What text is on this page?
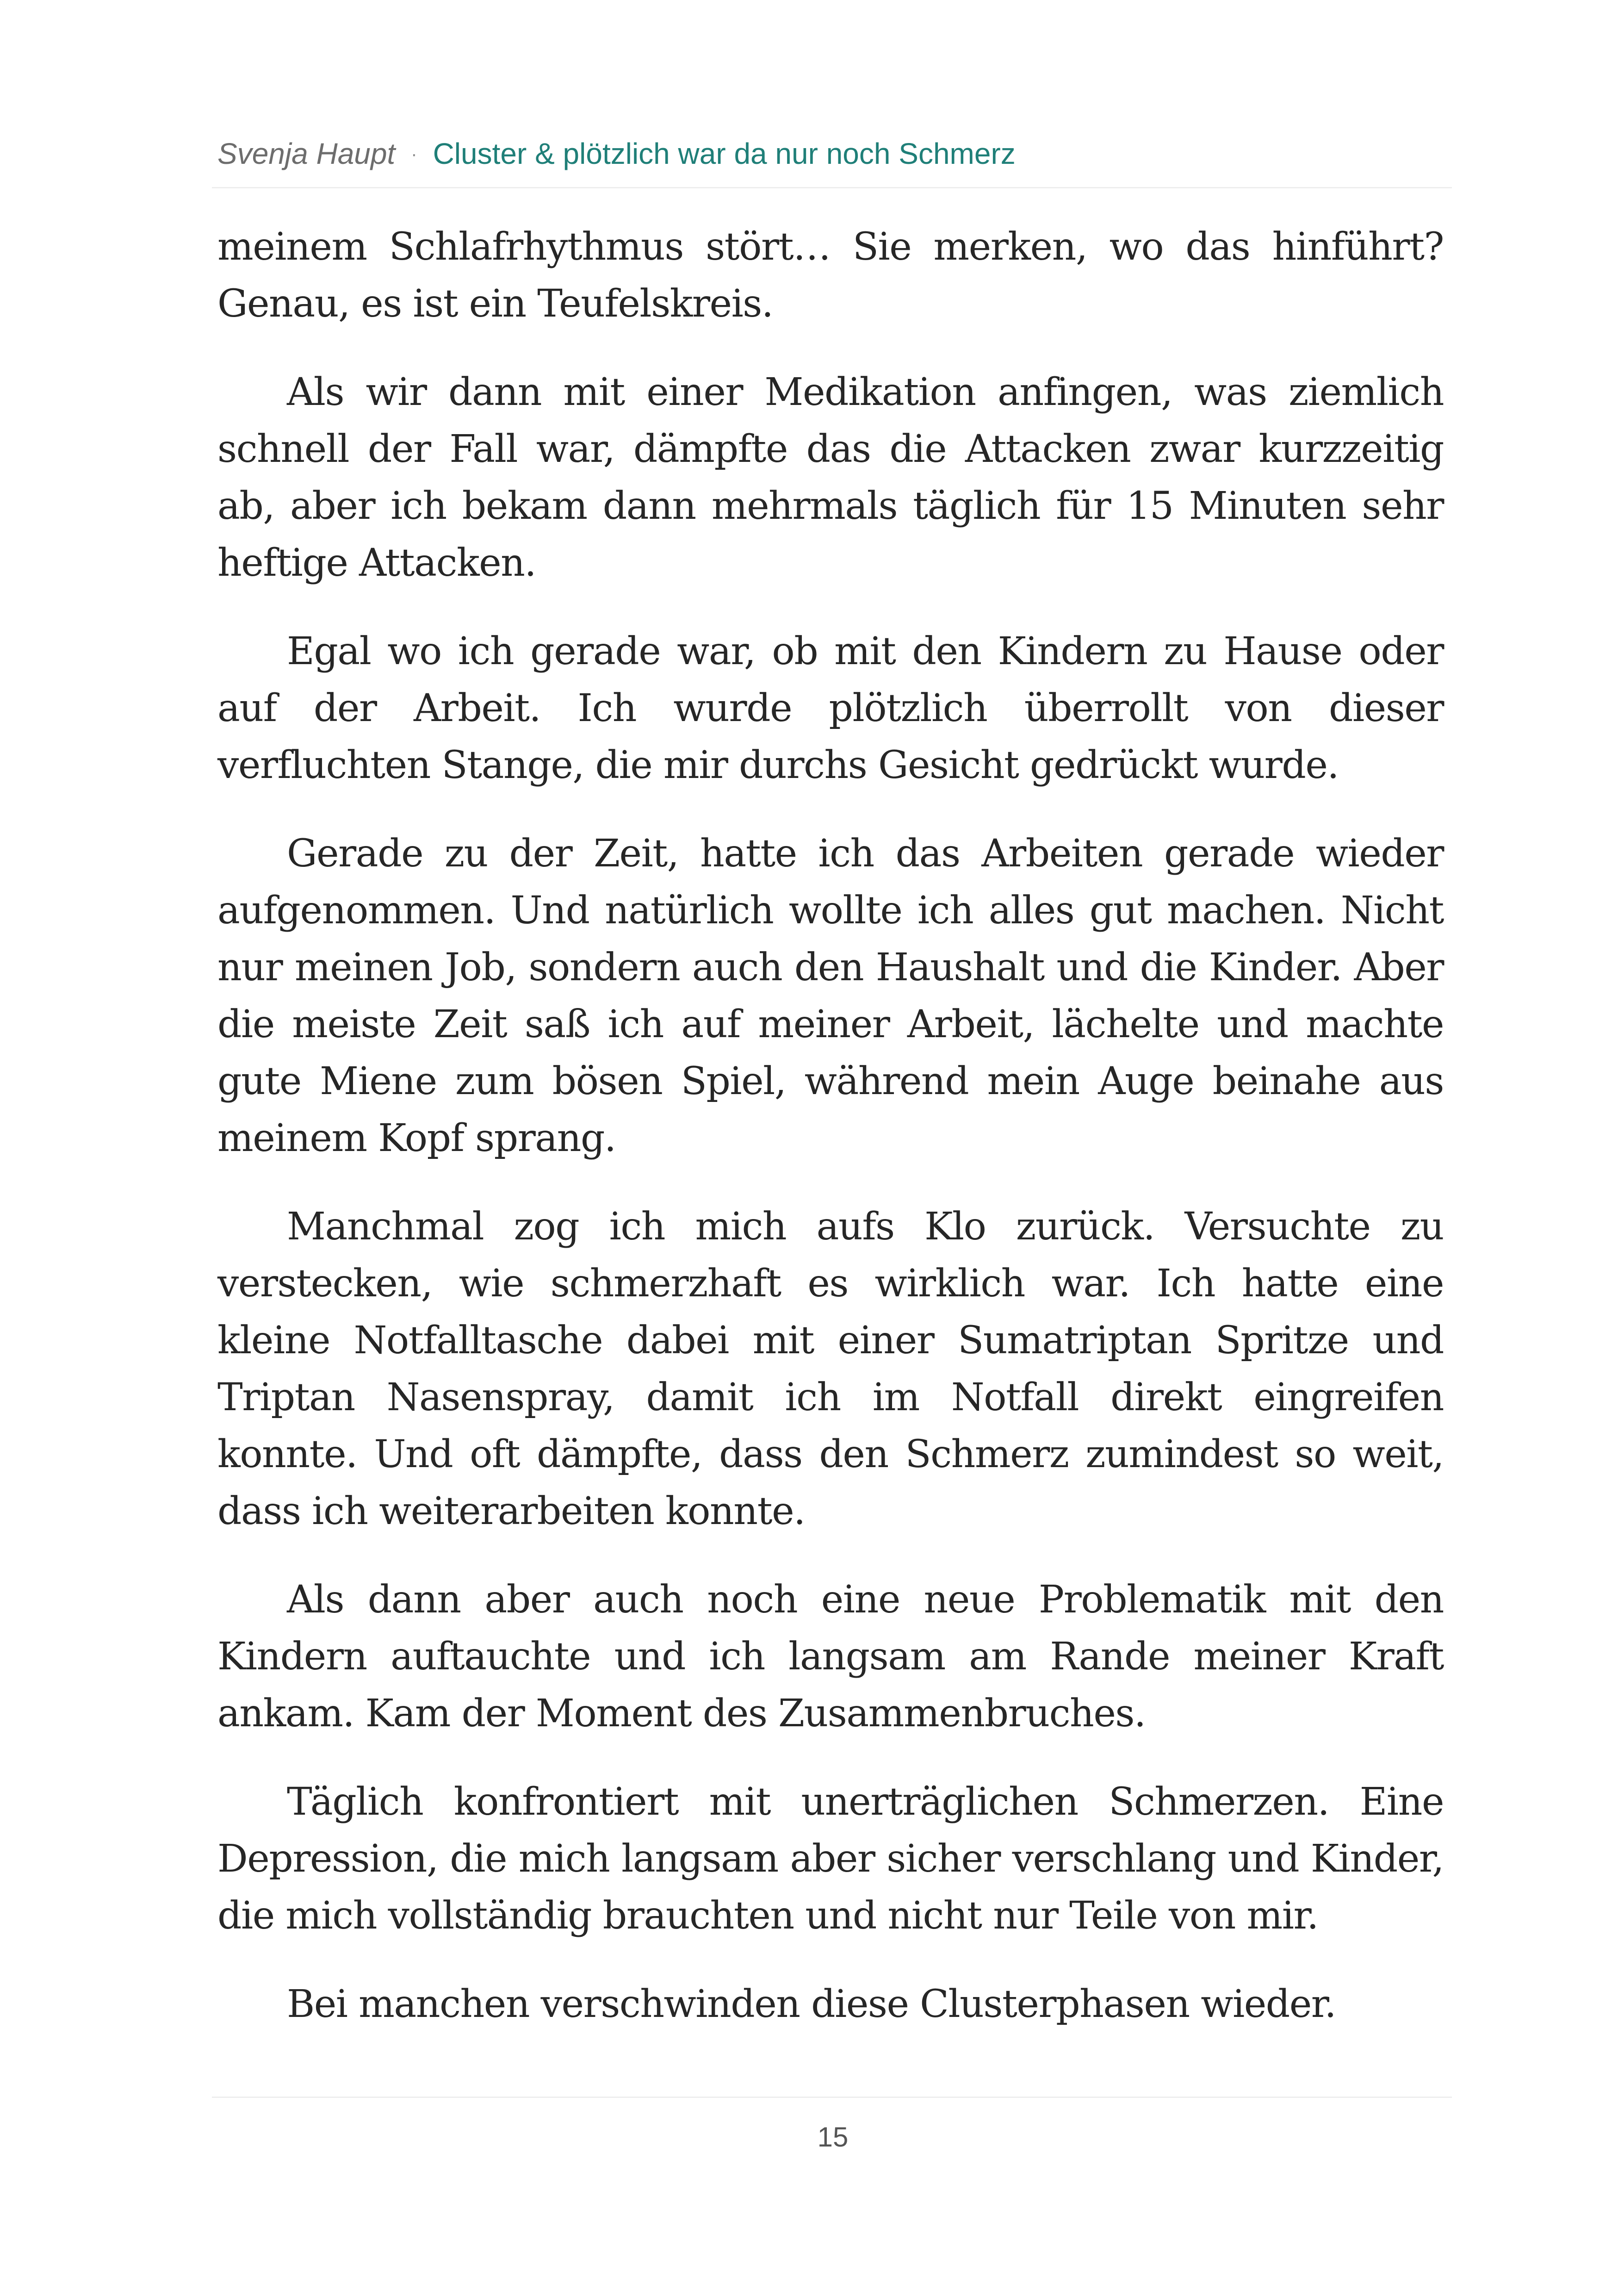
Svenja Haupt · Cluster & plötzlich war da nur noch Schmerz

meinem Schlafrhythmus stört… Sie merken, wo das hinführt? Genau, es ist ein Teufelskreis.

Als wir dann mit einer Medikation anfingen, was ziemlich schnell der Fall war, dämpfte das die Attacken zwar kurzzeitig ab, aber ich bekam dann mehrmals täglich für 15 Minuten sehr heftige Attacken.

Egal wo ich gerade war, ob mit den Kindern zu Hause oder auf der Arbeit. Ich wurde plötzlich überrollt von dieser verfluchten Stange, die mir durchs Gesicht gedrückt wurde.

Gerade zu der Zeit, hatte ich das Arbeiten gerade wieder aufgenommen. Und natürlich wollte ich alles gut machen. Nicht nur meinen Job, sondern auch den Haushalt und die Kinder. Aber die meiste Zeit saß ich auf meiner Arbeit, lächelte und machte gute Miene zum bösen Spiel, während mein Auge beinahe aus meinem Kopf sprang.

Manchmal zog ich mich aufs Klo zurück. Versuchte zu verstecken, wie schmerzhaft es wirklich war. Ich hatte eine kleine Notfalltasche dabei mit einer Sumatriptan Spritze und Triptan Nasenspray, damit ich im Notfall direkt eingreifen konnte. Und oft dämpfte, dass den Schmerz zumindest so weit, dass ich weiterarbeiten konnte.

Als dann aber auch noch eine neue Problematik mit den Kindern auftauchte und ich langsam am Rande meiner Kraft ankam. Kam der Moment des Zusammenbruches.

Täglich konfrontiert mit unerträglichen Schmerzen. Eine Depression, die mich langsam aber sicher verschlang und Kinder, die mich vollständig brauchten und nicht nur Teile von mir.

Bei manchen verschwinden diese Clusterphasen wieder.

15
